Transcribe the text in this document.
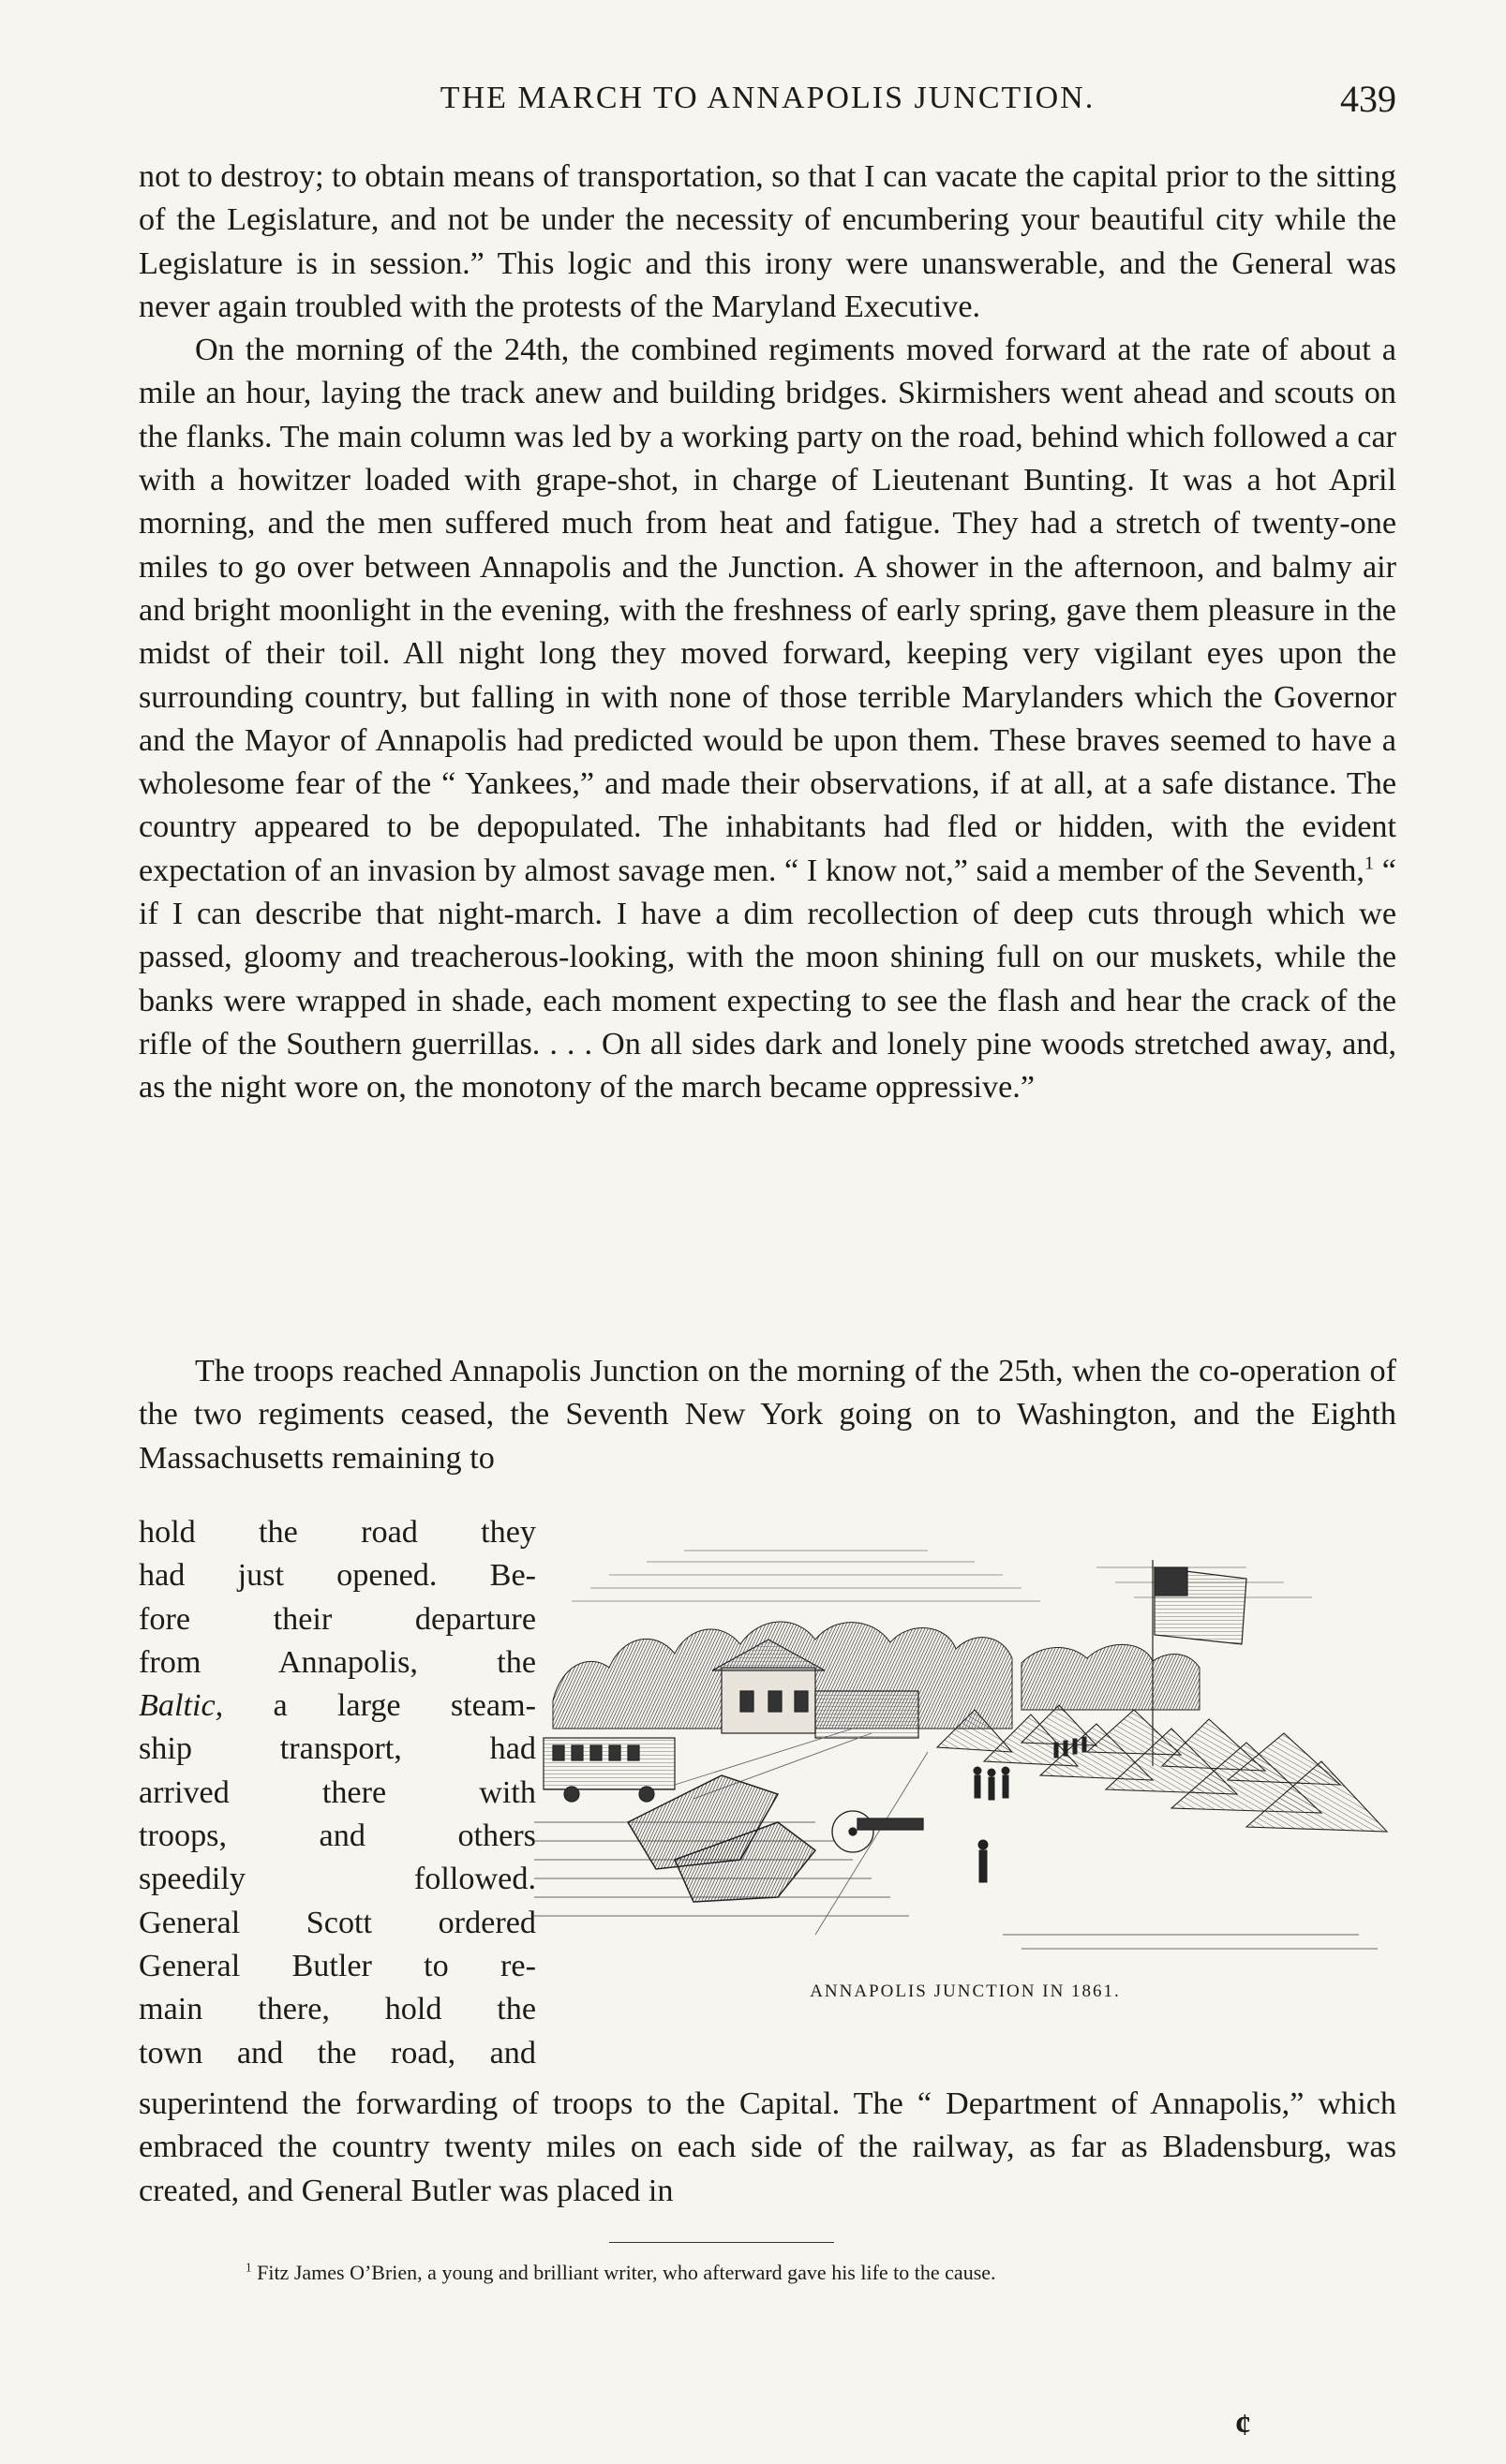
THE MARCH TO ANNAPOLIS JUNCTION.	439

not to destroy; to obtain means of transportation, so that I can vacate the capital prior to the sitting of the Legislature, and not be under the necessity of encumbering your beautiful city while the Legislature is in session.” This logic and this irony were unanswerable, and the General was never again troubled with the protests of the Maryland Executive.

On the morning of the 24th, the combined regiments moved forward at the rate of about a mile an hour, laying the track anew and building bridges. Skirmishers went ahead and scouts on the flanks. The main column was led by a working party on the road, behind which followed a car with a howitzer loaded with grape-shot, in charge of Lieutenant Bunting. It was a hot April morning, and the men suffered much from heat and fatigue. They had a stretch of twenty-one miles to go over between Annapolis and the Junction. A shower in the afternoon, and balmy air and bright moonlight in the evening, with the freshness of early spring, gave them pleasure in the midst of their toil. All night long they moved forward, keeping very vigilant eyes upon the surrounding country, but falling in with none of those terrible Marylanders which the Governor and the Mayor of Annapolis had predicted would be upon them. These braves seemed to have a wholesome fear of the “ Yankees,” and made their observations, if at all, at a safe distance. The country appeared to be depopulated. The inhabitants had fled or hidden, with the evident expectation of an invasion by almost savage men. “ I know not,” said a member of the Seventh,$^1$ “ if I can describe that night-march. I have a dim recollection of deep cuts through which we passed, gloomy and treacherous-looking, with the moon shining full on our muskets, while the banks were wrapped in shade, each moment expecting to see the flash and hear the crack of the rifle of the Southern guerrillas. . . . On all sides dark and lonely pine woods stretched away, and, as the night wore on, the monotony of the march became oppressive.”

The troops reached Annapolis Junction on the morning of the 25th, when the co-operation of the two regiments ceased, the Seventh New York going on to Washington, and the Eighth Massachusetts remaining to

hold the road they
had just opened. Be-
fore their departure
from Annapolis, the
Baltic, a large steam-
ship transport, had
arrived there with
troops, and others
speedily followed.
General Scott ordered
General Butler to re-
main there, hold the
town and the road, and
ANNAPOLIS JUNCTION IN 1861.

superintend the forwarding of troops to the Capital. The “ Department of Annapolis,” which embraced the country twenty miles on each side of the railway, as far as Bladensburg, was created, and General Butler was placed in

$^1$ Fitz James O’Brien, a young and brilliant writer, who afterward gave his life to the cause.
¢
